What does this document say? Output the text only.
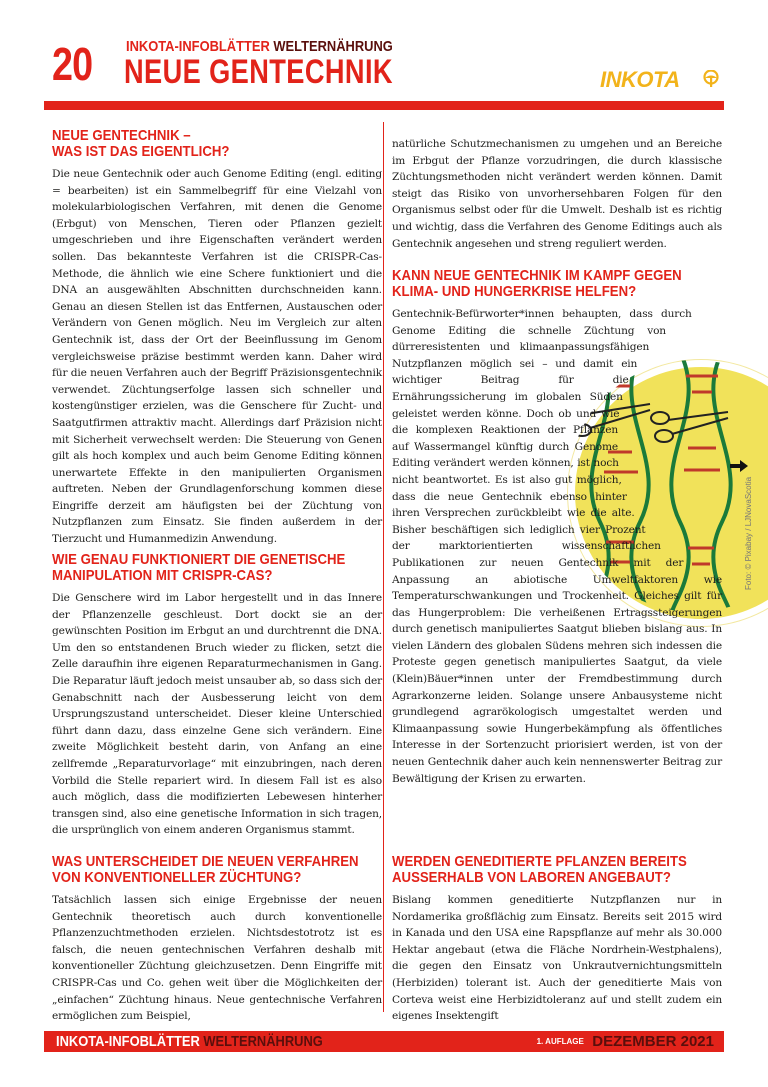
20 INKOTA-INFOBLÄTTER WELTERNÄHRUNG
NEUE GENTECHNIK	INKOTA
NEUE GENTECHNIK –
WAS IST DAS EIGENTLICH?

Die neue Gentechnik oder auch Genome Editing (engl. editing = bearbeiten) ist ein Sammelbegriff für eine Vielzahl von molekularbiologischen Verfahren, mit denen die Genome (Erbgut) von Menschen, Tieren oder Pflanzen gezielt umgeschrieben und ihre Eigenschaften verändert werden sollen. Das bekannteste Verfahren ist die CRISPR-Cas-Methode, die ähnlich wie eine Schere funktioniert und die DNA an ausgewählten Abschnitten durchschneiden kann. Genau an diesen Stellen ist das Entfernen, Austauschen oder Verändern von Genen möglich. Neu im Vergleich zur alten Gentechnik ist, dass der Ort der Beeinflussung im Genom vergleichsweise präzise bestimmt werden kann. Daher wird für die neuen Verfahren auch der Begriff Präzisionsgentechnik verwendet. Züchtungserfolge lassen sich schneller und kostengünstiger erzielen, was die Genschere für Zucht- und Saatgutfirmen attraktiv macht. Allerdings darf Präzision nicht mit Sicherheit verwechselt werden: Die Steuerung von Genen gilt als hoch komplex und auch beim Genome Editing können unerwartete Effekte in den manipulierten Organismen auftreten. Neben der Grundlagenforschung kommen diese Eingriffe derzeit am häufigsten bei der Züchtung von Nutzpflanzen zum Einsatz. Sie finden außerdem in der Tierzucht und Humanmedizin Anwendung.

WIE GENAU FUNKTIONIERT DIE GENETISCHE
MANIPULATION MIT CRISPR-CAS?

Die Genschere wird im Labor hergestellt und in das Innere der Pflanzenzelle geschleust. Dort dockt sie an der gewünschten Position im Erbgut an und durchtrennt die DNA. Um den so entstandenen Bruch wieder zu flicken, setzt die Zelle daraufhin ihre eigenen Reparaturmechanismen in Gang. Die Reparatur läuft jedoch meist unsauber ab, so dass sich der Genabschnitt nach der Ausbesserung leicht von dem Ursprungszustand unterscheidet. Dieser kleine Unterschied führt dann dazu, dass einzelne Gene sich verändern. Eine zweite Möglichkeit besteht darin, von Anfang an eine zellfremde „Reparaturvorlage“ mit einzubringen, nach deren Vorbild die Stelle repariert wird. In diesem Fall ist es also auch möglich, dass die modifizierten Lebewesen hinterher transgen sind, also eine genetische Information in sich tragen, die ursprünglich von einem anderen Organismus stammt.

WAS UNTERSCHEIDET DIE NEUEN VERFAHREN
VON KONVENTIONELLER ZÜCHTUNG?

Tatsächlich lassen sich einige Ergebnisse der neuen Gentechnik theoretisch auch durch konventionelle Pflanzenzuchtmethoden erzielen. Nichtsdestotrotz ist es falsch, die neuen gentechnischen Verfahren deshalb mit konventioneller Züchtung gleichzusetzen. Denn Eingriffe mit CRISPR-Cas und Co. gehen weit über die Möglichkeiten der „einfachen“ Züchtung hinaus. Neue gentechnische Verfahren ermöglichen zum Beispiel,

natürliche Schutzmechanismen zu umgehen und an Bereiche im Erbgut der Pflanze vorzudringen, die durch klassische Züchtungsmethoden nicht verändert werden können. Damit steigt das Risiko von unvorhersehbaren Folgen für den Organismus selbst oder für die Umwelt. Deshalb ist es richtig und wichtig, dass die Verfahren des Genome Editings auch als Gentechnik angesehen und streng reguliert werden.

KANN NEUE GENTECHNIK IM KAMPF GEGEN
KLIMA- UND HUNGERKRISE HELFEN?

Gentechnik-Befürworter*innen behaupten, dass durch Genome Editing die schnelle Züchtung von dürreresistenten und klimaanpassungsfähigen Nutzpflanzen möglich sei – und damit ein wichtiger Beitrag für die Ernährungssicherung im globalen Süden geleistet werden könne. Doch ob und wie die komplexen Reaktionen der Pflanzen auf Wassermangel künftig durch Genome Editing verändert werden können, ist noch nicht beantwortet. Es ist also gut möglich, dass die neue Gentechnik ebenso hinter ihren Versprechen zurückbleibt wie die alte. Bisher beschäftigen sich lediglich vier Prozent der marktorientierten wissenschaftlichen Publikationen zur neuen Gentechnik mit der Anpassung an abiotische Umweltfaktoren wie Temperaturschwankungen und Trockenheit. Gleiches gilt für das Hungerproblem: Die verheißenen Ertragssteigerungen durch genetisch manipuliertes Saatgut blieben bislang aus. In vielen Ländern des globalen Südens mehren sich indessen die Proteste gegen genetisch manipuliertes Saatgut, da viele (Klein)Bäuer*innen unter der Fremdbestimmung durch Agrarkonzerne leiden. Solange unsere Anbausysteme nicht grundlegend agrarökologisch umgestaltet werden und Klimaanpassung sowie Hungerbekämpfung als öffentliches Interesse in der Sortenzucht priorisiert werden, ist von der neuen Gentechnik daher auch kein nennenswerter Beitrag zur Bewältigung der Krisen zu erwarten.

WERDEN GENEDITIERTE PFLANZEN BEREITS
AUSSERHALB VON LABOREN ANGEBAUT?

Bislang kommen geneditierte Nutzpflanzen nur in Nordamerika großflächig zum Einsatz. Bereits seit 2015 wird in Kanada und den USA eine Rapspflanze auf mehr als 30.000 Hektar angebaut (etwa die Fläche Nordrhein-Westphalens), die gegen den Einsatz von Unkrautvernichtungsmitteln (Herbiziden) tolerant ist. Auch der geneditierte Mais von Corteva weist eine Herbizidtoleranz auf und stellt zudem ein eigenes Insektengift

Foto: © Pixabay / LJNovaScotia
INKOTA-INFOBLÄTTER WELTERNÄHRUNG	1. AUFLAGE DEZEMBER 2021
